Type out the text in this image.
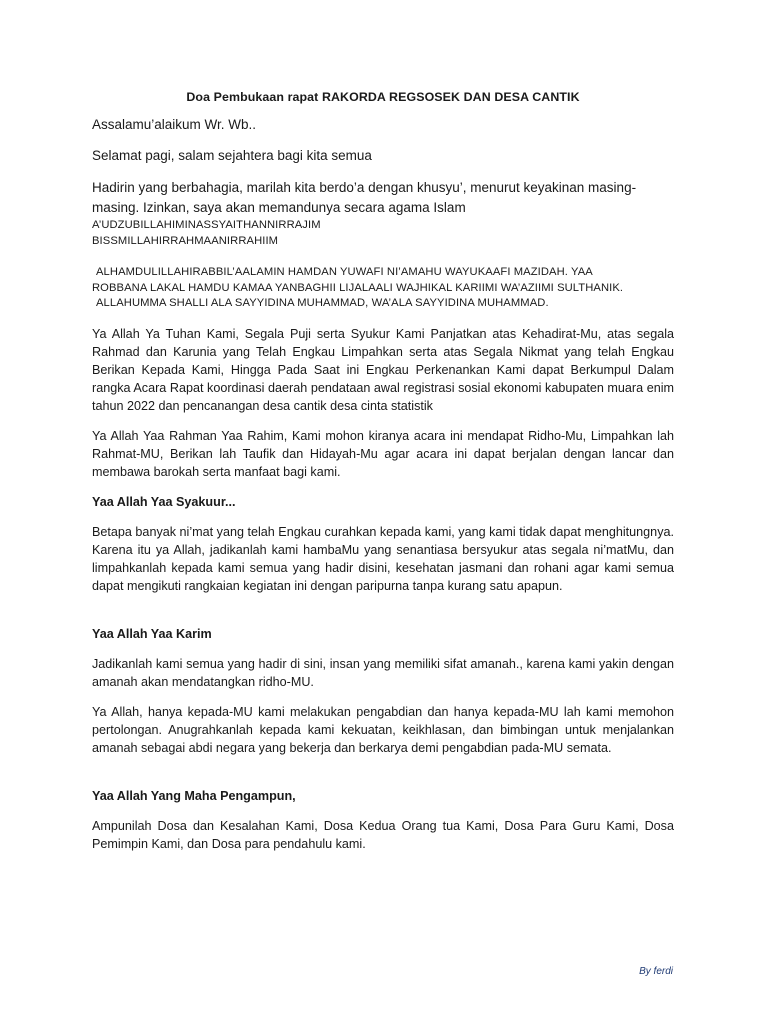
Doa Pembukaan rapat RAKORDA REGSOSEK DAN DESA CANTIK

Assalamu’alaikum Wr. Wb..

Selamat pagi, salam sejahtera bagi kita semua

Hadirin yang berbahagia, marilah kita berdo’a dengan khusyu’, menurut keyakinan masing-masing. Izinkan, saya akan memandunya secara agama Islam

A’UDZUBILLAHIMINASSYAITHANNIRRAJIM

BISSMILLAHIRRAHMAANIRRAHIIM

ALHAMDULILLAHIRABBIL’AALAMIN HAMDAN YUWAFI NI’AMAHU WAYUKAAFI MAZIDAH. YAA
ROBBANA LAKAL HAMDU KAMAA YANBAGHII LIJALAALI WAJHIKAL KARIIMI WA’AZIIMI SULTHANIK.
ALLAHUMMA SHALLI ALA SAYYIDINA MUHAMMAD, WA’ALA SAYYIDINA MUHAMMAD.

Ya Allah Ya Tuhan Kami, Segala Puji serta Syukur Kami Panjatkan atas Kehadirat-Mu, atas segala Rahmad dan Karunia yang Telah Engkau Limpahkan serta atas Segala Nikmat yang telah Engkau Berikan Kepada Kami, Hingga Pada Saat ini Engkau Perkenankan Kami dapat Berkumpul Dalam rangka Acara Rapat koordinasi daerah pendataan awal registrasi sosial ekonomi kabupaten muara enim tahun 2022 dan pencanangan desa cantik desa cinta statistik

Ya Allah Yaa Rahman Yaa Rahim, Kami mohon kiranya acara ini mendapat Ridho-Mu, Limpahkan lah Rahmat-MU, Berikan lah Taufik dan Hidayah-Mu agar acara ini dapat berjalan dengan lancar dan membawa barokah serta manfaat bagi kami.

Yaa Allah Yaa Syakuur...

Betapa banyak ni’mat yang telah Engkau curahkan kepada kami, yang kami tidak dapat menghitungnya. Karena itu ya Allah, jadikanlah kami hambaMu yang senantiasa bersyukur atas segala ni’matMu, dan limpahkanlah kepada kami semua yang hadir disini, kesehatan jasmani dan rohani agar kami semua dapat mengikuti rangkaian kegiatan ini dengan paripurna tanpa kurang satu apapun.

Yaa Allah Yaa Karim

Jadikanlah kami semua yang hadir di sini, insan yang memiliki sifat amanah., karena kami yakin dengan amanah akan mendatangkan ridho-MU.

Ya Allah, hanya kepada-MU kami melakukan pengabdian dan hanya kepada-MU lah kami memohon pertolongan. Anugrahkanlah kepada kami kekuatan, keikhlasan, dan bimbingan untuk menjalankan amanah sebagai abdi negara yang bekerja dan berkarya demi pengabdian pada-MU semata.

Yaa Allah Yang Maha Pengampun,

Ampunilah Dosa dan Kesalahan Kami, Dosa Kedua Orang tua Kami, Dosa Para Guru Kami, Dosa Pemimpin Kami, dan Dosa para pendahulu kami.

By ferdi
